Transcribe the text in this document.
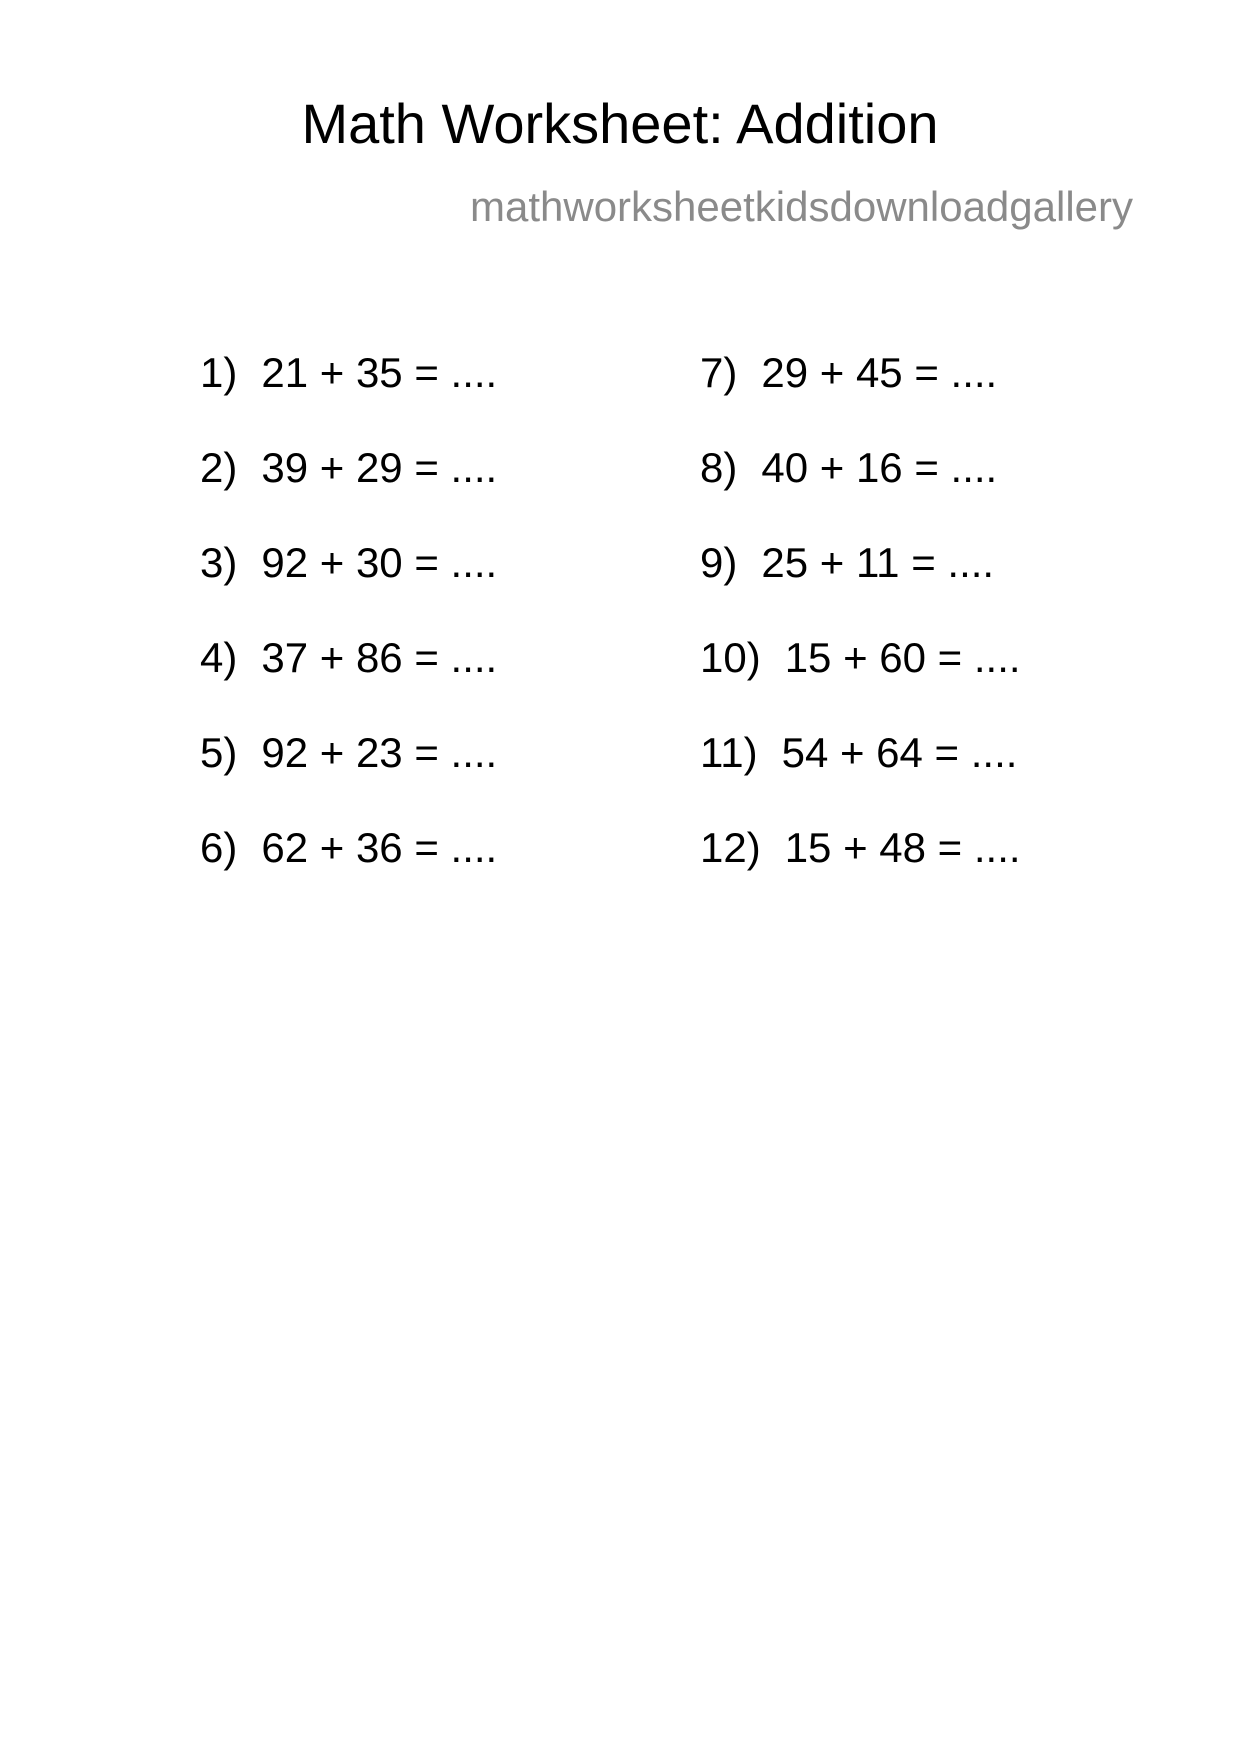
Math Worksheet: Addition
mathworksheetkidsdownloadgallery
1) 21 + 35 = ....
2) 39 + 29 = ....
3) 92 + 30 = ....
4) 37 + 86 = ....
5) 92 + 23 = ....
6) 62 + 36 = ....
7) 29 + 45 = ....
8) 40 + 16 = ....
9) 25 + 11 = ....
10) 15 + 60 = ....
11) 54 + 64 = ....
12) 15 + 48 = ....
